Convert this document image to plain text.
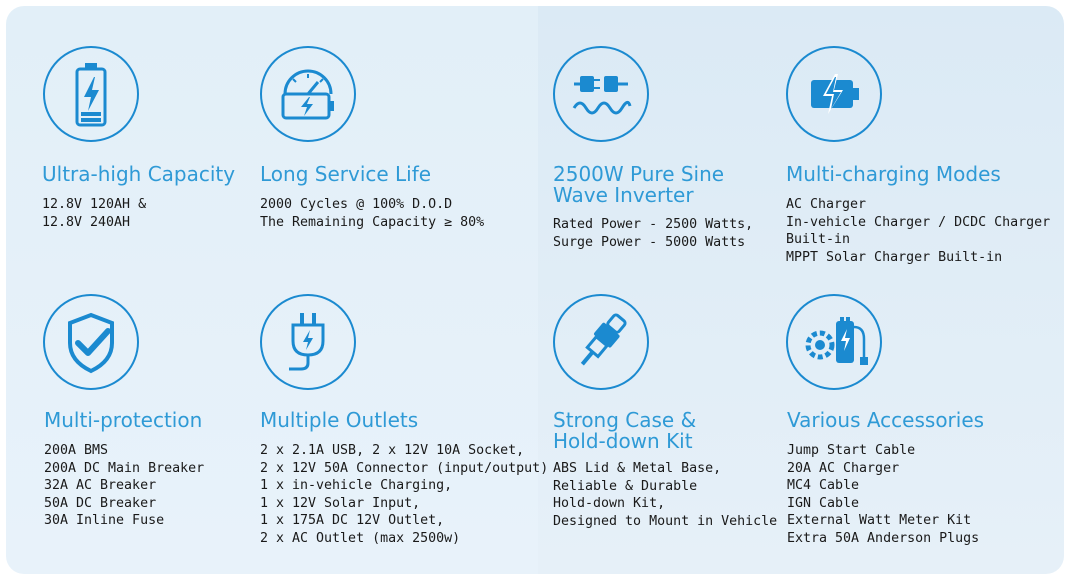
Ultra-high Capacity
12.8V 120AH &
12.8V 240AH
Long Service Life
2000 Cycles @ 100% D.O.D
The Remaining Capacity ≥ 80%
2500W Pure Sine Wave Inverter
Rated Power - 2500 Watts,
Surge Power - 5000 Watts
Multi-charging Modes
AC Charger
In-vehicle Charger / DCDC Charger
Built-in
MPPT Solar Charger Built-in
Multi-protection
200A BMS
200A DC Main Breaker
32A AC Breaker
50A DC Breaker
30A Inline Fuse
Multiple Outlets
2 x 2.1A USB, 2 x 12V 10A Socket,
2 x 12V 50A Connector (input/output)
1 x in-vehicle Charging,
1 x 12V Solar Input,
1 x 175A DC 12V Outlet,
2 x AC Outlet (max 2500w)
Strong Case & Hold-down Kit
ABS Lid & Metal Base,
Reliable & Durable
Hold-down Kit,
Designed to Mount in Vehicle
Various Accessories
Jump Start Cable
20A AC Charger
MC4 Cable
IGN Cable
External Watt Meter Kit
Extra 50A Anderson Plugs
